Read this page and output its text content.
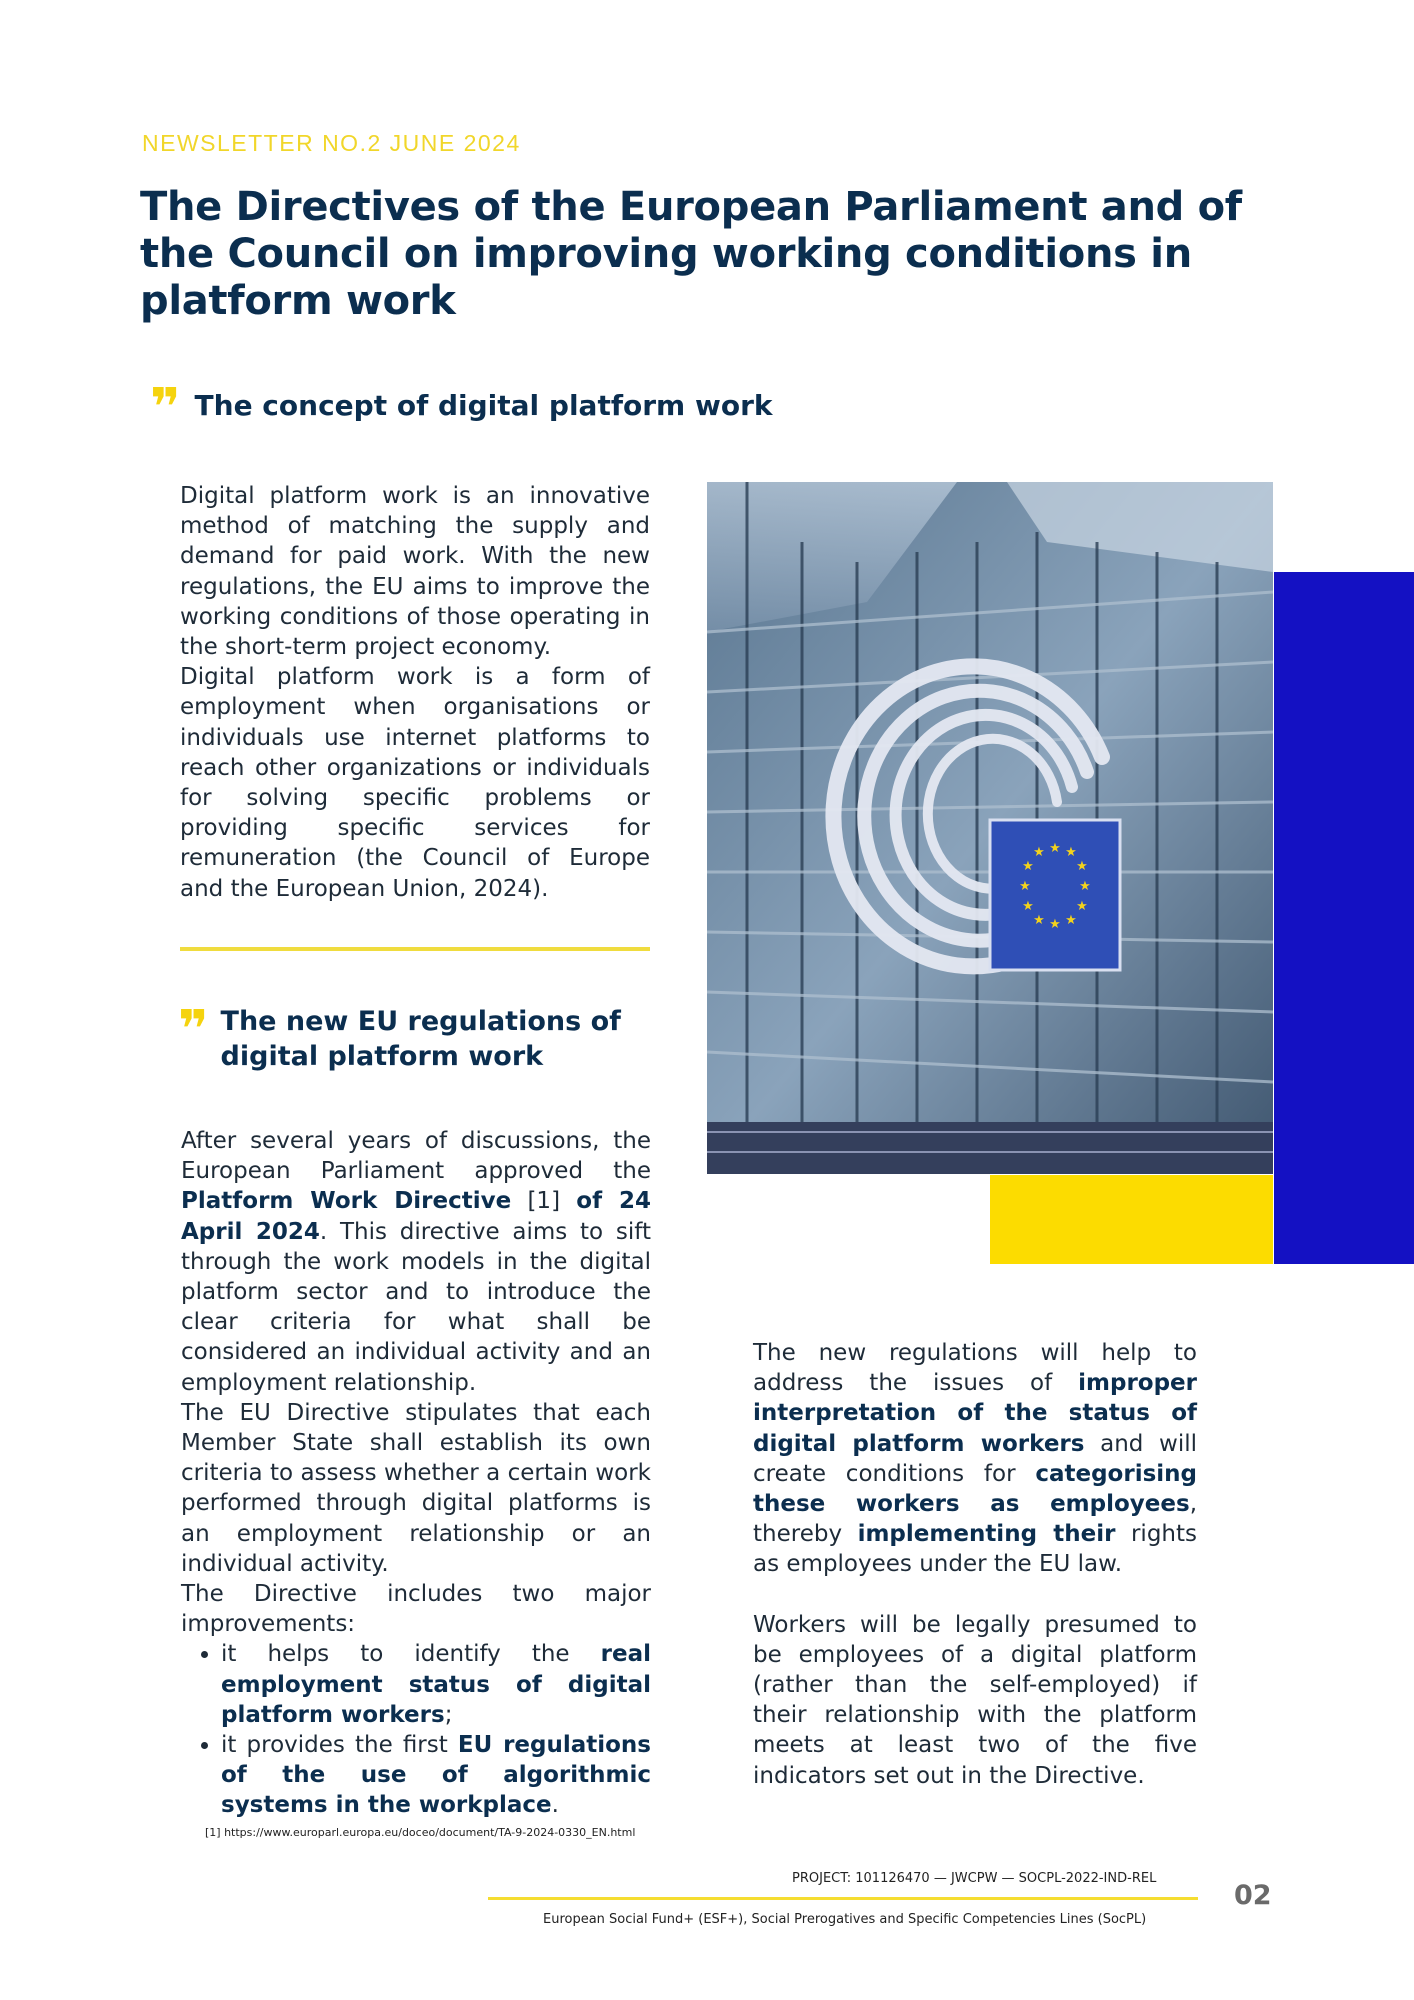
NEWSLETTER NO.2 JUNE 2024
The Directives of the European Parliament and of the Council on improving working conditions in platform work
❞ The concept of digital platform work

Digital platform work is an innovative method of matching the supply and demand for paid work. With the new regulations, the EU aims to improve the working conditions of those operating in the short-term project economy.

Digital platform work is a form of employment when organisations or individuals use internet platforms to reach other organizations or individuals for solving specific problems or providing specific services for remuneration (the Council of Europe and the European Union, 2024).

❞ The new EU regulations of
digital platform work

After several years of discussions, the European Parliament approved the Platform Work Directive [1] of 24 April 2024. This directive aims to sift through the work models in the digital platform sector and to introduce the clear criteria for what shall be considered an individual activity and an employment relationship.

The EU Directive stipulates that each Member State shall establish its own criteria to assess whether a certain work performed through digital platforms is an employment relationship or an individual activity.

The Directive includes two major improvements:

• it helps to identify the real employment status of digital platform workers;
• it provides the first EU regulations of the use of algorithmic systems in the workplace.
[1] https://www.europarl.europa.eu/doceo/document/TA-9-2024-0330_EN.html
★ ★
★
★
★
★
★
★
★
★
★
★

The new regulations will help to address the issues of improper interpretation of the status of digital platform workers and will create conditions for categorising these workers as employees, thereby implementing their rights as employees under the EU law.

Workers will be legally presumed to be employees of a digital platform (rather than the self-employed) if their relationship with the platform meets at least two of the five indicators set out in the Directive.

PROJECT: 101126470 — JWCPW — SOCPL-2022-IND-REL
European Social Fund+ (ESF+), Social Prerogatives and Specific Competencies Lines (SocPL)
02
